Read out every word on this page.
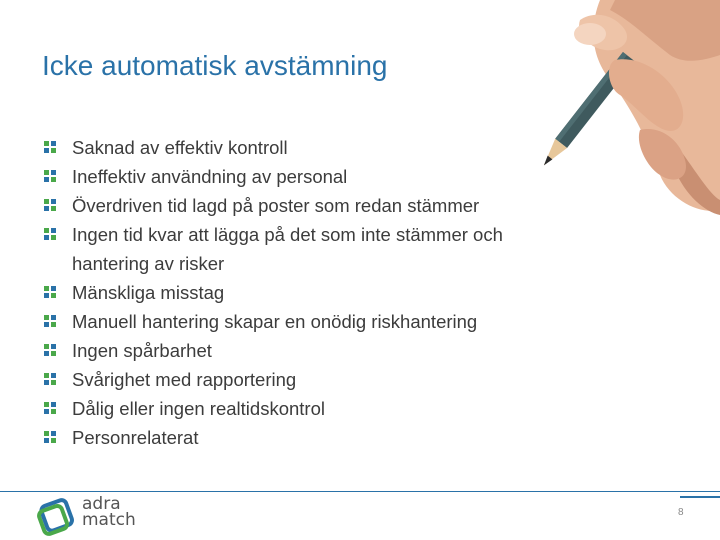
Icke automatisk avstämning
Saknad av effektiv kontroll
Ineffektiv användning av personal
Överdriven tid lagd på poster som redan stämmer
Ingen tid kvar att lägga på det som inte stämmer och hantering av risker
Mänskliga misstag
Manuell hantering skapar en onödig riskhantering
Ingen spårbarhet
Svårighet med rapportering
Dålig eller ingen realtidskontrol
Personrelaterat
adra
match	8
